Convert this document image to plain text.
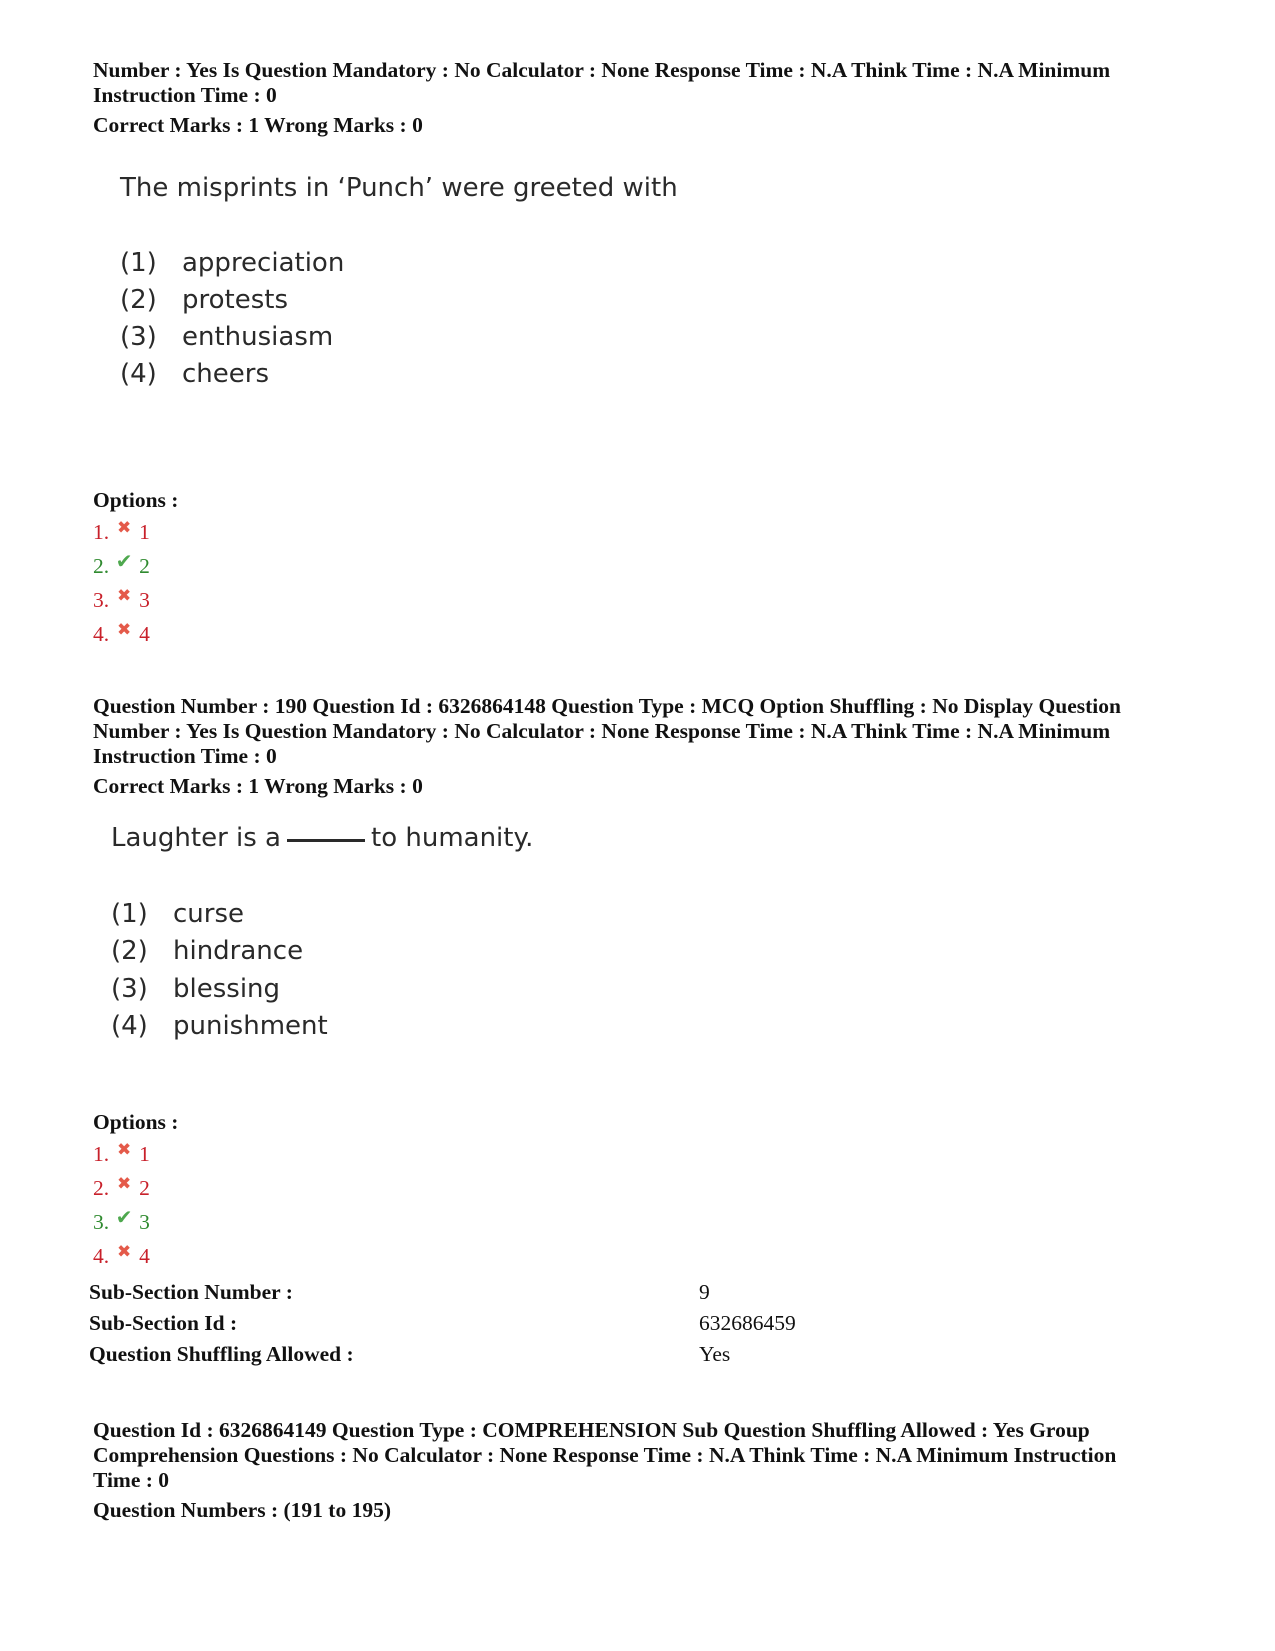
Number : Yes Is Question Mandatory : No Calculator : None Response Time : N.A Think Time : N.A Minimum
Instruction Time : 0
Correct Marks : 1 Wrong Marks : 0
The misprints in ‘Punch’ were greeted with
(1) appreciation
(2) protests
(3) enthusiasm
(4) cheers
Options :
1. ✖ 1
2. ✔ 2
3. ✖ 3
4. ✖ 4
Question Number : 190 Question Id : 6326864148 Question Type : MCQ Option Shuffling : No Display Question
Number : Yes Is Question Mandatory : No Calculator : None Response Time : N.A Think Time : N.A Minimum
Instruction Time : 0
Correct Marks : 1 Wrong Marks : 0
Laughter is a	to humanity.
(1) curse
(2) hindrance
(3) blessing
(4) punishment
Options :
1. ✖ 1
2. ✖ 2
3. ✔ 3
4. ✖ 4
Sub-Section Number :	9
Sub-Section Id :	632686459
Question Shuffling Allowed :	Yes
Question Id : 6326864149 Question Type : COMPREHENSION Sub Question Shuffling Allowed : Yes Group
Comprehension Questions : No Calculator : None Response Time : N.A Think Time : N.A Minimum Instruction
Time : 0
Question Numbers : (191 to 195)
